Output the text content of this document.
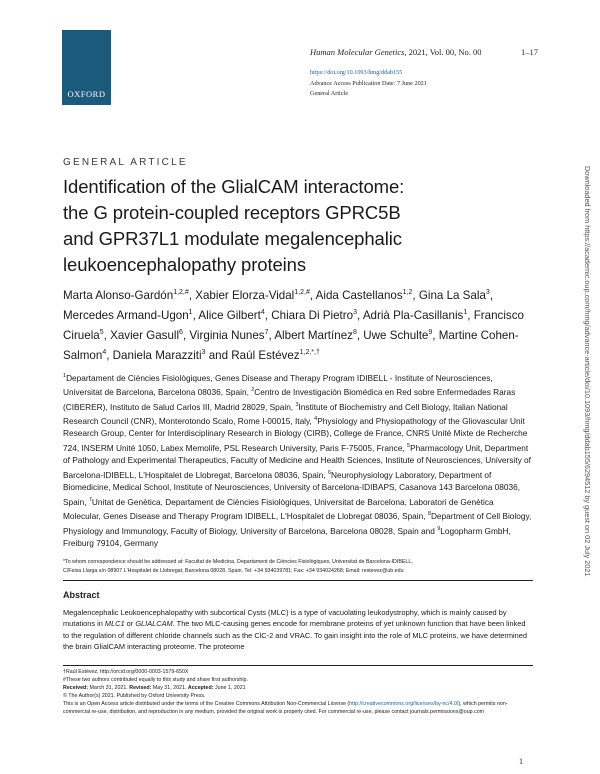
OXFORD
Human Molecular Genetics, 2021, Vol. 00, No. 00	1–17
https://doi.org/10.1093/hmg/ddab155
Advance Access Publication Date: 7 June 2021
General Article
GENERAL ARTICLE
Identification of the GlialCAM interactome:
the G protein-coupled receptors GPRC5B
and GPR37L1 modulate megalencephalic
leukoencephalopathy proteins
Marta Alonso-Gardón$^{1,2,\#}$, Xabier Elorza-Vidal$^{1,2,\#}$, Aida Castellanos$^{1,2}$, Gina La Sala$^3$, Mercedes Armand-Ugon$^1$, Alice Gilbert$^4$, Chiara Di Pietro$^3$, Adrià Pla-Casillanis$^1$, Francisco Ciruela$^5$, Xavier Gasull$^6$, Virginia Nunes$^7$, Albert Martínez$^8$, Uwe Schulte$^9$, Martine Cohen-Salmon$^4$, Daniela Marazziti$^3$ and Raúl Estévez$^{1,2,*,\dagger}$
$^1$Departament de Ciències Fisiològiques, Genes Disease and Therapy Program IDIBELL - Institute of Neurosciences, Universitat de Barcelona, Barcelona 08036, Spain, $^2$Centro de Investigación Biomédica en Red sobre Enfermedades Raras (CIBERER), Instituto de Salud Carlos III, Madrid 28029, Spain, $^3$Institute of Biochemistry and Cell Biology, Italian National Research Council (CNR), Monterotondo Scalo, Rome I-00015, Italy, $^4$Physiology and Physiopathology of the Gliovascular Unit Research Group, Center for Interdisciplinary Research in Biology (CIRB), College de France, CNRS Unité Mixte de Recherche 724, INSERM Unité 1050, Labex Memolife, PSL Research University, Paris F-75005, France, $^5$Pharmacology Unit, Department of Pathology and Experimental Therapeutics, Faculty of Medicine and Health Sciences, Institute of Neurosciences, University of Barcelona-IDIBELL, L'Hospitalet de Llobregat, Barcelona 08036, Spain, $^6$Neurophysiology Laboratory, Department of Biomedicine, Medical School, Institute of Neurosciences, University of Barcelona-IDIBAPS, Casanova 143 Barcelona 08036, Spain, $^7$Unitat de Genètica, Departament de Ciències Fisiològiques, Universitat de Barcelona, Laboratori de Genètica Molecular, Genes Disease and Therapy Program IDIBELL, L'Hospitalet de Llobregat 08036, Spain, $^8$Department of Cell Biology, Physiology and Immunology, Faculty of Biology, University of Barcelona, Barcelona 08028, Spain and $^9$Logopharm GmbH, Freiburg 79104, Germany
*To whom correspondence should be addressed at: Facultat de Medicina, Departament de Ciències Fisiològiques, Universitat de Barcelona-IDIBELL,
C/Feixa Llarga s/n 08907 L'Hospitalet de Llobregat, Barcelona 08028, Spain. Tel: +34 934039781; Fax: +34 934024268; Email: restevez@ub.edu
Abstract
Megalencephalic Leukoencephalopathy with subcortical Cysts (MLC) is a type of vacuolating leukodystrophy, which is mainly caused by mutations in MLC1 or GLIALCAM. The two MLC-causing genes encode for membrane proteins of yet unknown function that have been linked to the regulation of different chloride channels such as the ClC-2 and VRAC. To gain insight into the role of MLC proteins, we have determined the brain GlialCAM interacting proteome. The proteome
†Raúl Estévez, http://orcid.org/0000-0003-1579-650X
#These two authors contributed equally to this study and share first authorship.
Received: March 31, 2021. Revised: May 31, 2021. Accepted: June 1, 2021
© The Author(s) 2021. Published by Oxford University Press.
This is an Open Access article distributed under the terms of the Creative Commons Attribution Non-Commercial License (http://creativecommons.org/licenses/by-nc/4.0/), which permits non-commercial re-use, distribution, and reproduction in any medium, provided the original work is properly cited. For commercial re-use, please contact journals.permissions@oup.com
1
Downloaded from https://academic.oup.com/hmg/advance-article/doi/10.1093/hmg/ddab155/6294512 by guest on 02 July 2021
